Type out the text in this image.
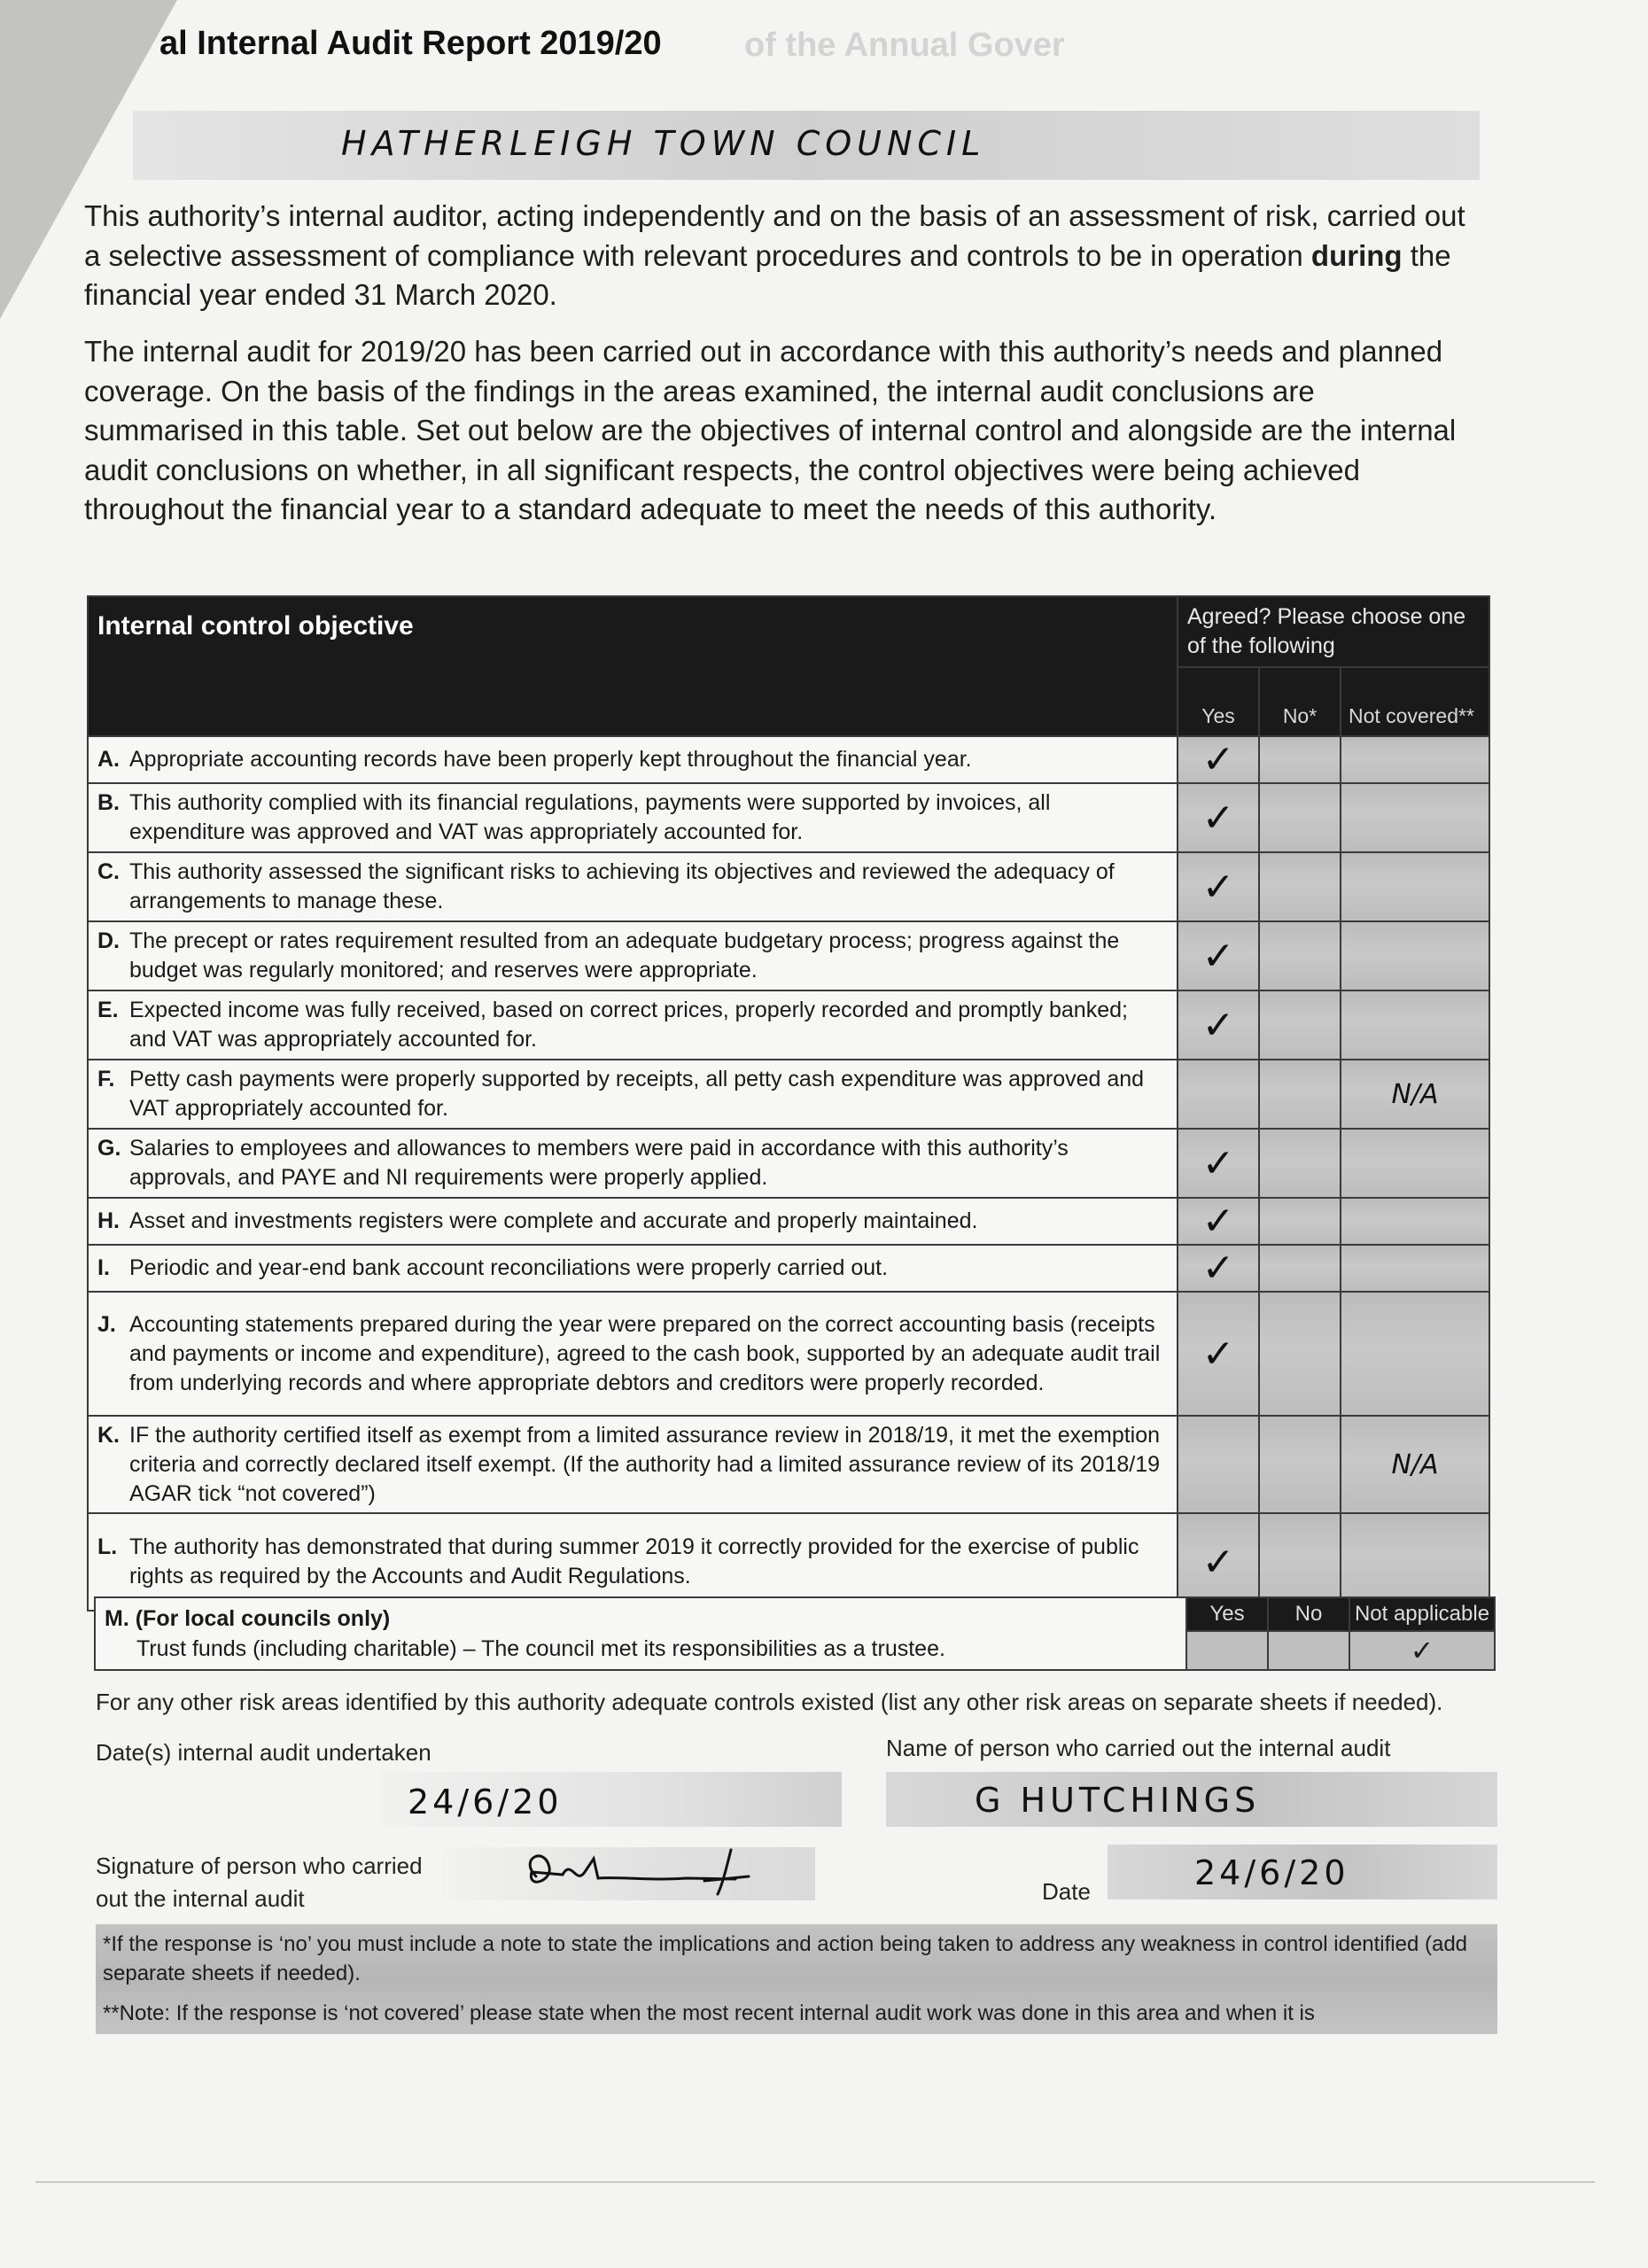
al Internal Audit Report 2019/20 of the Annual Gover
HATHERLEIGH TOWN COUNCIL
This authority’s internal auditor, acting independently and on the basis of an assessment of risk, carried out a selective assessment of compliance with relevant procedures and controls to be in operation during the financial year ended 31 March 2020.
The internal audit for 2019/20 has been carried out in accordance with this authority’s needs and planned coverage. On the basis of the findings in the areas examined, the internal audit conclusions are summarised in this table. Set out below are the objectives of internal control and alongside are the internal audit conclusions on whether, in all significant respects, the control objectives were being achieved throughout the financial year to a standard adequate to meet the needs of this authority.
Internal control objective	Agreed? Please choose one of the following		
	Yes	No*	Not covered**
A. Appropriate accounting records have been properly kept throughout the financial year.	✓		
B. This authority complied with its financial regulations, payments were supported by invoices, all expenditure was approved and VAT was appropriately accounted for.	✓		
C. This authority assessed the significant risks to achieving its objectives and reviewed the adequacy of arrangements to manage these.	✓		
D. The precept or rates requirement resulted from an adequate budgetary process; progress against the budget was regularly monitored; and reserves were appropriate.	✓		
E. Expected income was fully received, based on correct prices, properly recorded and promptly banked; and VAT was appropriately accounted for.	✓		
F. Petty cash payments were properly supported by receipts, all petty cash expenditure was approved and VAT appropriately accounted for.			N/A
G. Salaries to employees and allowances to members were paid in accordance with this authority’s approvals, and PAYE and NI requirements were properly applied.	✓		
H. Asset and investments registers were complete and accurate and properly maintained.	✓		
I. Periodic and year-end bank account reconciliations were properly carried out.	✓		
J. Accounting statements prepared during the year were prepared on the correct accounting basis (receipts and payments or income and expenditure), agreed to the cash book, supported by an adequate audit trail from underlying records and where appropriate debtors and creditors were properly recorded.	✓		
K. IF the authority certified itself as exempt from a limited assurance review in 2018/19, it met the exemption criteria and correctly declared itself exempt. (If the authority had a limited assurance review of its 2018/19 AGAR tick “not covered”)			N/A
L. The authority has demonstrated that during summer 2019 it correctly provided for the exercise of public rights as required by the Accounts and Audit Regulations.	✓		
M. (For local councils only)
Trust funds (including charitable) – The council met its responsibilities as a trustee.	Yes	No	Not applicable
			✓
For any other risk areas identified by this authority adequate controls existed (list any other risk areas on separate sheets if needed).
Date(s) internal audit undertaken	Name of person who carried out the internal audit
24/6/20	G HUTCHINGS
Signature of person who carried out the internal audit	Date	24/6/20
*If the response is ‘no’ you must include a note to state the implications and action being taken to address any weakness in control identified (add separate sheets if needed).
**Note: If the response is ‘not covered’ please state when the most recent internal audit work was done in this area and when it is
